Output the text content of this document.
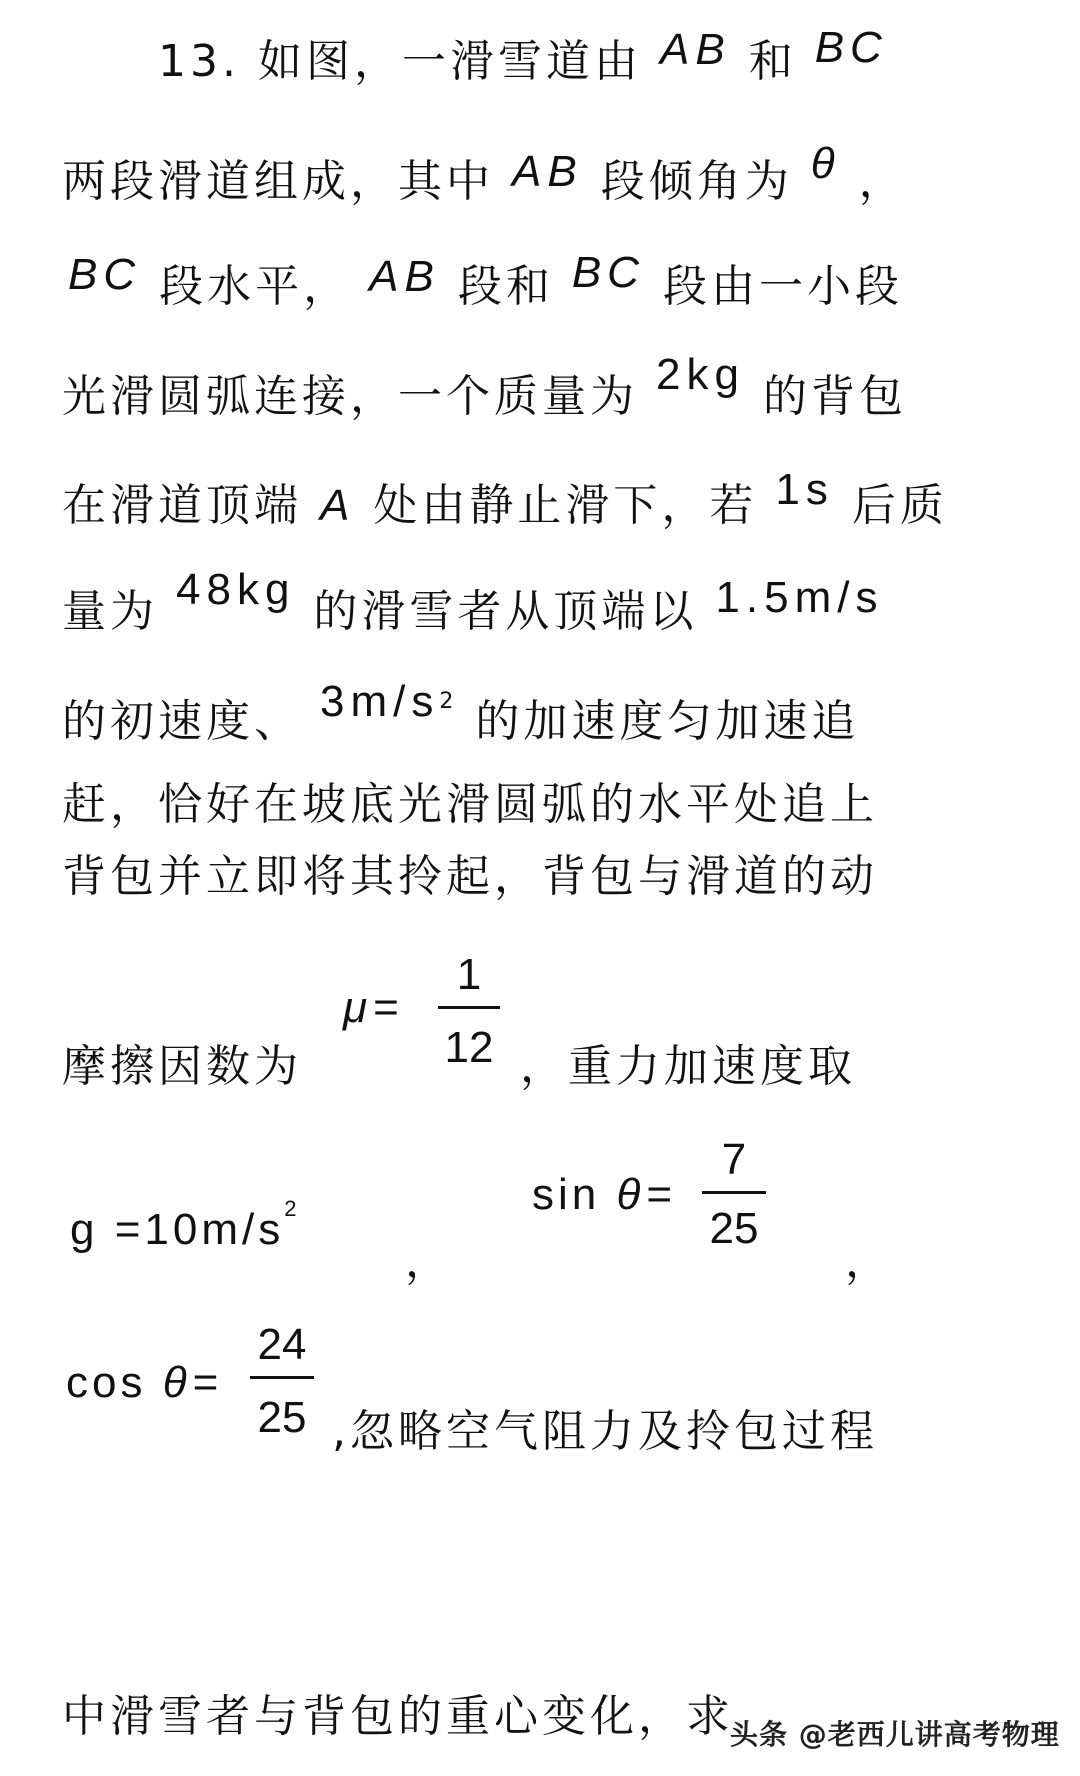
13. 如图，一滑雪道由 AB 和 BC
两段滑道组成，其中 AB 段倾角为 θ ，
BC 段水平， AB 段和 BC 段由一小段
光滑圆弧连接，一个质量为 2kg 的背包
在滑道顶端 A 处由静止滑下，若 1s 后质
量为 48kg 的滑雪者从顶端以 1.5m/s
的初速度、 $3m/s^2$ 的加速度匀加速追
赶，恰好在坡底光滑圆弧的水平处追上
背包并立即将其拎起，背包与滑道的动
摩擦因数为
μ=
1
12 ，重力加速度取
$g =10m/s^2$
，
sin θ=
7
25
，
cos θ=
24
25 ,忽略空气阻力及拎包过程
中滑雪者与背包的重心变化，求
头条 @老西儿讲高考物理
